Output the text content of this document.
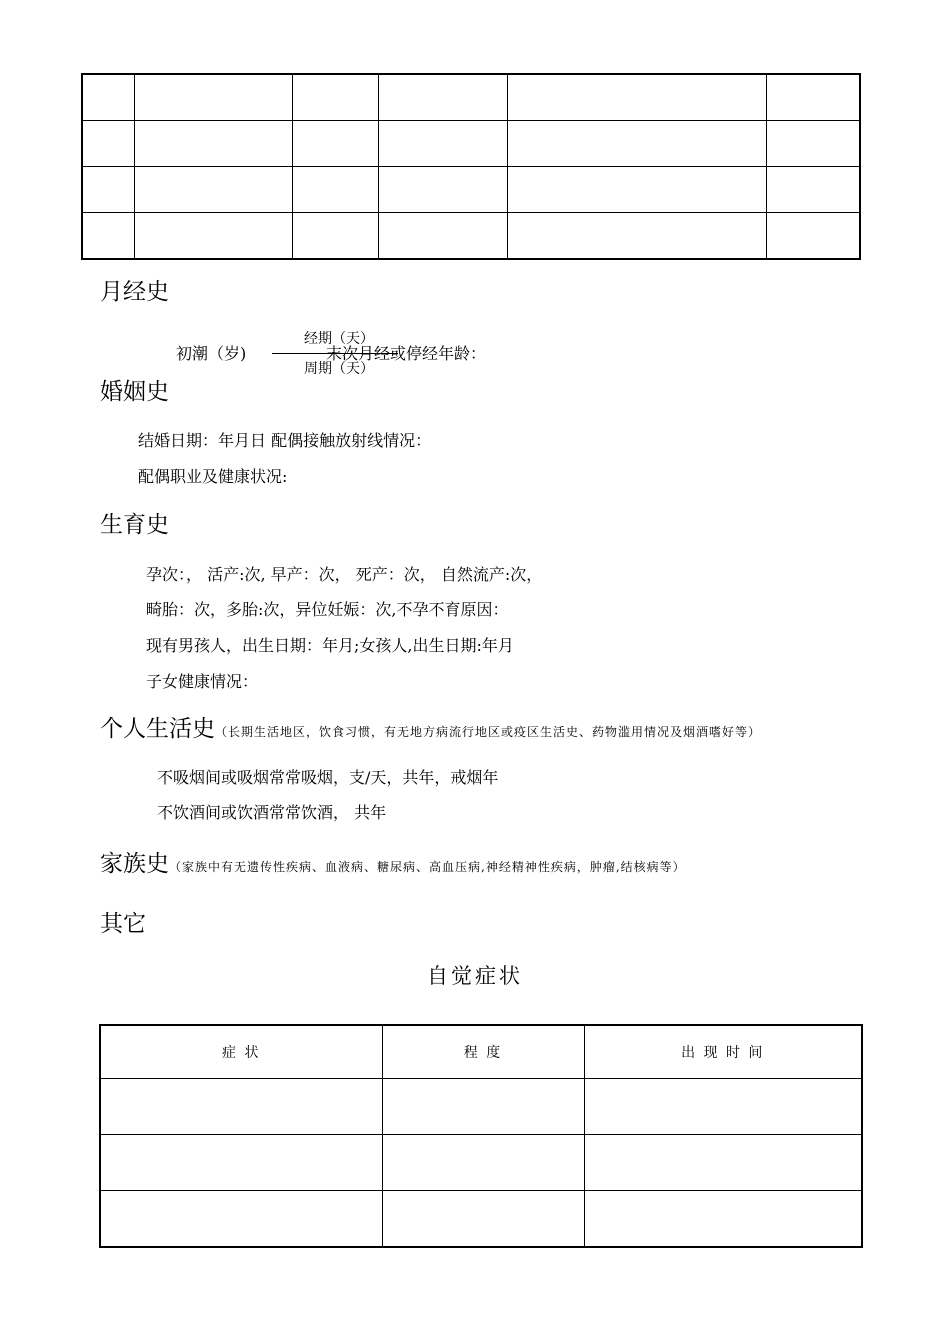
月经史
初潮（岁)
经期（天）
周期（天）
末次月经或停经年龄：
婚姻史
结婚日期：年月日 配偶接触放射线情况：
配偶职业及健康状况:
生育史
孕次：， 活产:次, 早产：次， 死产：次， 自然流产:次，
畸胎：次，多胎:次，异位妊娠：次,不孕不育原因：
现有男孩人，出生日期：年月;女孩人,出生日期:年月
子女健康情况：
个人生活史（长期生活地区，饮食习惯，有无地方病流行地区或疫区生活史、药物滥用情况及烟酒嗜好等）
不吸烟间或吸烟常常吸烟，支/天，共年，戒烟年
不饮酒间或饮酒常常饮酒， 共年
家族史（家族中有无遗传性疾病、血液病、糖尿病、高血压病,神经精神性疾病，肿瘤,结核病等）
其它
自觉症状
症 状	程 度	出 现 时 间
